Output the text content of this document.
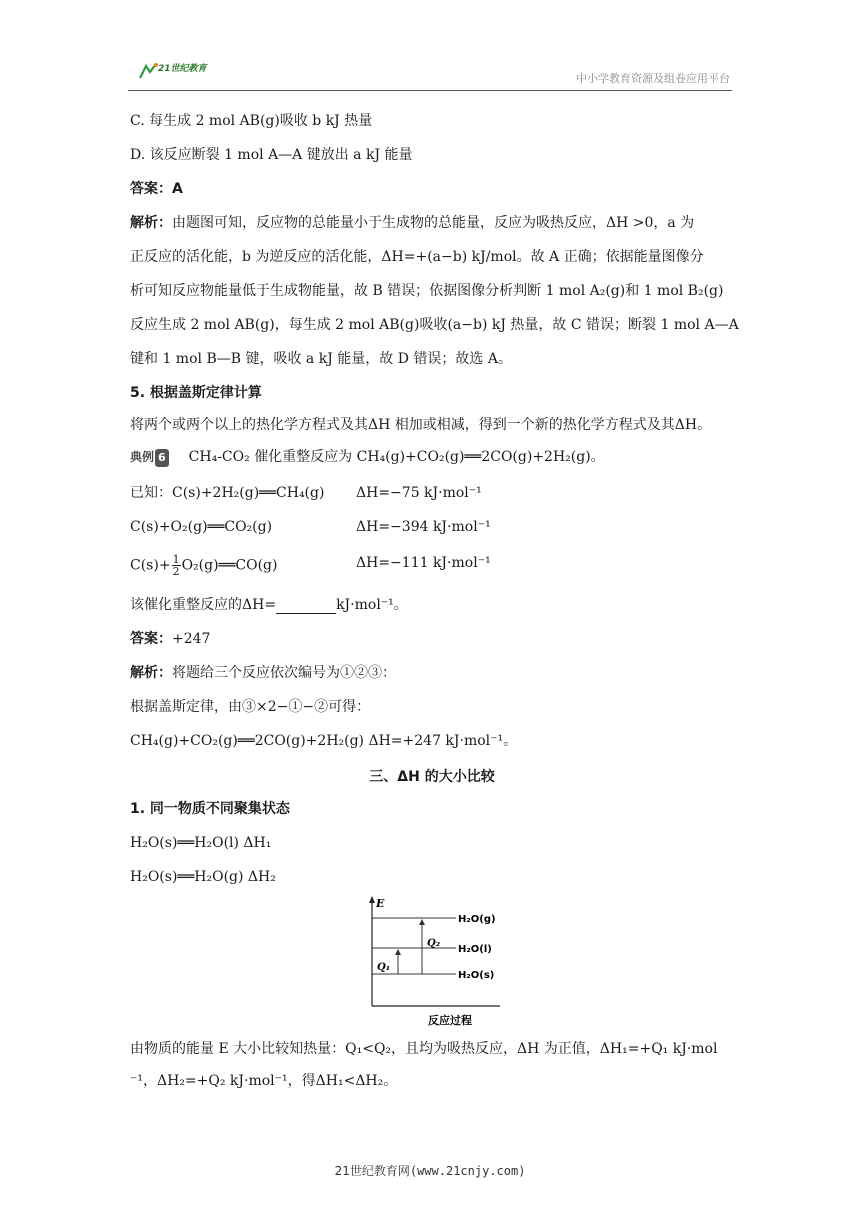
21世纪教育
中小学教育资源及组卷应用平台
C. 每生成 2 mol AB(g)吸收 b kJ 热量
D. 该反应断裂 1 mol A—A 键放出 a kJ 能量
答案：A
解析：由题图可知，反应物的总能量小于生成物的总能量，反应为吸热反应，ΔH >0，a 为
正反应的活化能，b 为逆反应的活化能，ΔH=+(a−b) kJ/mol。故 A 正确；依据能量图像分
析可知反应物能量低于生成物能量，故 B 错误；依据图像分析判断 1 mol A₂(g)和 1 mol B₂(g)
反应生成 2 mol AB(g)，每生成 2 mol AB(g)吸收(a−b) kJ 热量，故 C 错误；断裂 1 mol A—A
键和 1 mol B—B 键，吸收 a kJ 能量，故 D 错误；故选 A。
5. 根据盖斯定律计算
将两个或两个以上的热化学方程式及其ΔH 相加或相减，得到一个新的热化学方程式及其ΔH。
典例 6 CH₄-CO₂ 催化重整反应为 CH₄(g)+CO₂(g)══2CO(g)+2H₂(g)。
已知：C(s)+2H₂(g)══CH₄(g) ΔH=−75 kJ·mol⁻¹
C(s)+O₂(g)══CO₂(g)	ΔH=−394 kJ·mol⁻¹
$C(s)+ \frac{1}{2}$ O₂(g)══CO(g)	ΔH=−111 kJ·mol⁻¹
该催化重整反应的ΔH=	kJ·mol⁻¹。
答案：+247
解析：将题给三个反应依次编号为①②③：
根据盖斯定律，由③×2−①−②可得：
CH₄(g)+CO₂(g)══2CO(g)+2H₂(g) ΔH=+247 kJ·mol⁻¹。
三、ΔH 的大小比较
1. 同一物质不同聚集状态
H₂O(s)══H₂O(l) ΔH₁
H₂O(s)══H₂O(g) ΔH₂
E
H₂O(g)
H₂O(l)
H₂O(s)
Q₂
Q₁
反应过程
由物质的能量 E 大小比较知热量：Q₁<Q₂，且均为吸热反应，ΔH 为正值，ΔH₁=+Q₁ kJ·mol
⁻¹，ΔH₂=+Q₂ kJ·mol⁻¹，得ΔH₁<ΔH₂。
21世纪教育网(www.21cnjy.com)
